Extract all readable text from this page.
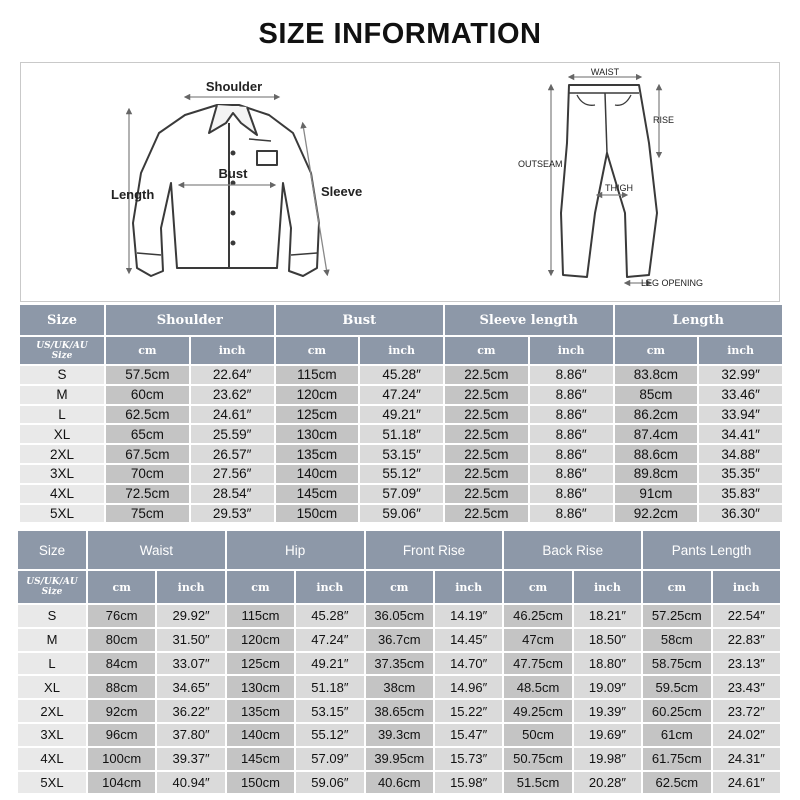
SIZE INFORMATION
Shoulder
Bust
Length	Sleeve
WAIST
RISE
OUTSEAM
THIGH
LEG OPENING
Size	Shoulder		Bust		Sleeve length		Length	

US/UK/AU
Size	cm	inch	cm	inch	cm	inch	cm	inch
S	57.5cm	22.64″	115cm	45.28″	22.5cm	8.86″	83.8cm	32.99″
M	60cm	23.62″	120cm	47.24″	22.5cm	8.86″	85cm	33.46″
L	62.5cm	24.61″	125cm	49.21″	22.5cm	8.86″	86.2cm	33.94″
XL	65cm	25.59″	130cm	51.18″	22.5cm	8.86″	87.4cm	34.41″
2XL	67.5cm	26.57″	135cm	53.15″	22.5cm	8.86″	88.6cm	34.88″
3XL	70cm	27.56″	140cm	55.12″	22.5cm	8.86″	89.8cm	35.35″
4XL	72.5cm	28.54″	145cm	57.09″	22.5cm	8.86″	91cm	35.83″
5XL	75cm	29.53″	150cm	59.06″	22.5cm	8.86″	92.2cm	36.30″
Size	Waist		Hip		Front Rise		Back Rise		Pants Length	

US/UK/AU
Size	cm	inch	cm	inch	cm	inch	cm	inch	cm	inch
S	76cm	29.92″	115cm	45.28″	36.05cm	14.19″	46.25cm	18.21″	57.25cm	22.54″
M	80cm	31.50″	120cm	47.24″	36.7cm	14.45″	47cm	18.50″	58cm	22.83″
L	84cm	33.07″	125cm	49.21″	37.35cm	14.70″	47.75cm	18.80″	58.75cm	23.13″
XL	88cm	34.65″	130cm	51.18″	38cm	14.96″	48.5cm	19.09″	59.5cm	23.43″
2XL	92cm	36.22″	135cm	53.15″	38.65cm	15.22″	49.25cm	19.39″	60.25cm	23.72″
3XL	96cm	37.80″	140cm	55.12″	39.3cm	15.47″	50cm	19.69″	61cm	24.02″
4XL	100cm	39.37″	145cm	57.09″	39.95cm	15.73″	50.75cm	19.98″	61.75cm	24.31″
5XL	104cm	40.94″	150cm	59.06″	40.6cm	15.98″	51.5cm	20.28″	62.5cm	24.61″
